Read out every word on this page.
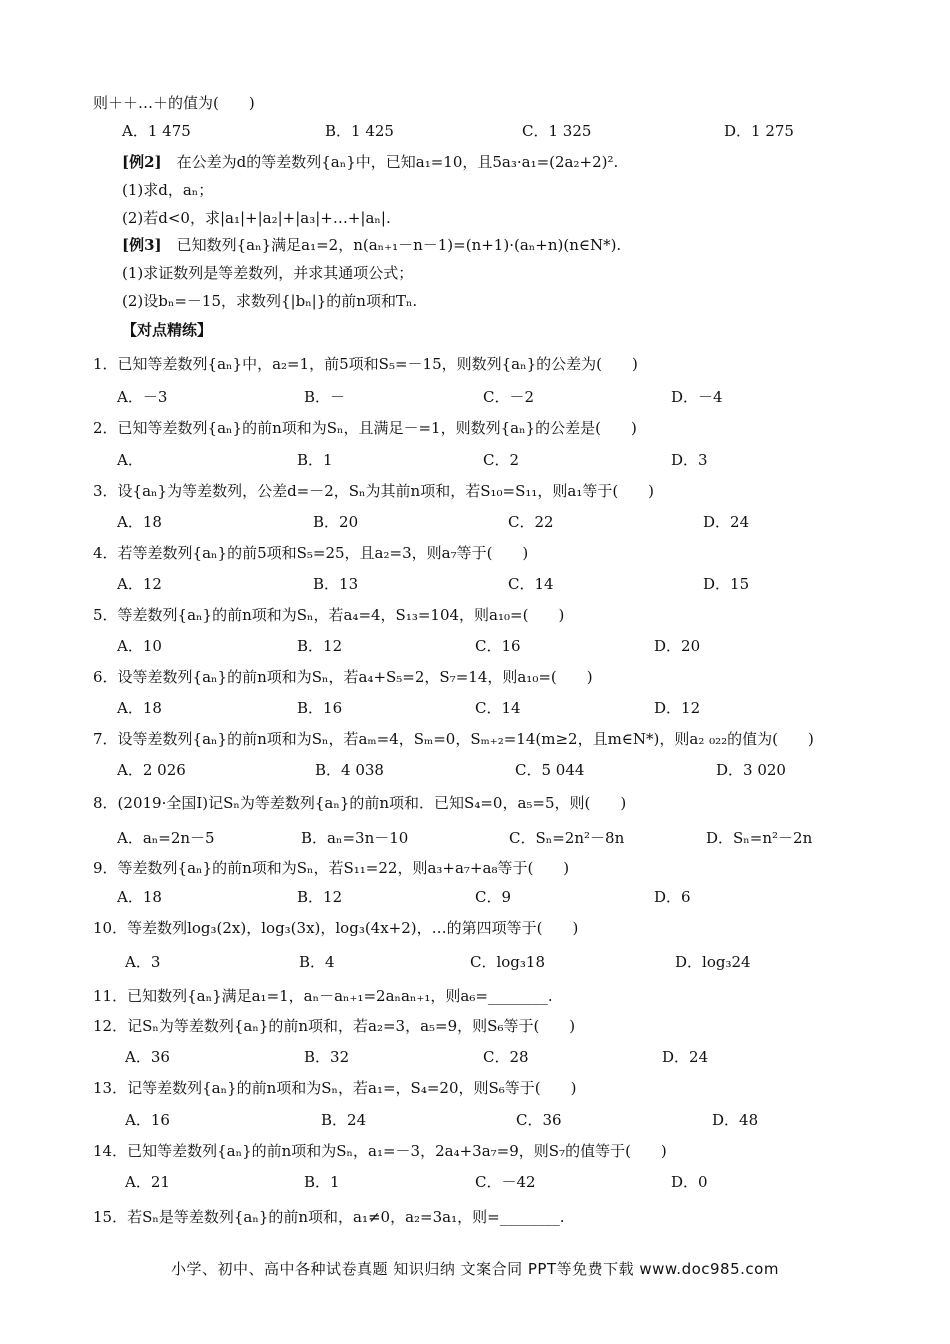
则＋＋…＋的值为(　　)
[例2]　在公差为d的等差数列{aₙ}中，已知a₁=10，且5a₃·a₁=(2a₂+2)².
(1)求d，aₙ；
(2)若d<0，求|a₁|+|a₂|+|a₃|+…+|aₙ|.
[例3]　已知数列{aₙ}满足a₁=2，n(aₙ₊₁－n－1)=(n+1)·(aₙ+n)(n∈N*).
(1)求证数列是等差数列，并求其通项公式；
(2)设bₙ=－15，求数列{|bₙ|}的前n项和Tₙ.
【对点精练】
1．已知等差数列{aₙ}中，a₂=1，前5项和S₅=－15，则数列{aₙ}的公差为(　　)
2．已知等差数列{aₙ}的前n项和为Sₙ，且满足－=1，则数列{aₙ}的公差是(　　)
3．设{aₙ}为等差数列，公差d=－2，Sₙ为其前n项和，若S₁₀=S₁₁，则a₁等于(　　)
4．若等差数列{aₙ}的前5项和S₅=25，且a₂=3，则a₇等于(　　)
5．等差数列{aₙ}的前n项和为Sₙ，若a₄=4，S₁₃=104，则a₁₀=(　　)
6．设等差数列{aₙ}的前n项和为Sₙ，若a₄+S₅=2，S₇=14，则a₁₀=(　　)
7．设等差数列{aₙ}的前n项和为Sₙ，若aₘ=4，Sₘ=0，Sₘ₊₂=14(m≥2，且m∈N*)，则a₂ ₀₂₂的值为(　　)
8．(2019·全国Ⅰ)记Sₙ为等差数列{aₙ}的前n项和．已知S₄=0，a₅=5，则(　　)
9．等差数列{aₙ}的前n项和为Sₙ，若S₁₁=22，则a₃+a₇+a₈等于(　　)
10．等差数列log₃(2x)，log₃(3x)，log₃(4x+2)，…的第四项等于(　　)
11．已知数列{aₙ}满足a₁=1，aₙ－aₙ₊₁=2aₙaₙ₊₁，则a₆=________.
12．记Sₙ为等差数列{aₙ}的前n项和，若a₂=3，a₅=9，则S₆等于(　　)
13．记等差数列{aₙ}的前n项和为Sₙ，若a₁=，S₄=20，则S₆等于(　　)
14．已知等差数列{aₙ}的前n项和为Sₙ，a₁=－3，2a₄+3a₇=9，则S₇的值等于(　　)
15．若Sₙ是等差数列{aₙ}的前n项和，a₁≠0，a₂=3a₁，则=________.
A．1 475	B．1 425	C．1 325	D．1 275
A．－3	B．－	C．－2	D．－4
A．	B．1	C．2	D．3
A．18	B．20	C．22	D．24
A．12	B．13	C．14	D．15
A．10	B．12	C．16	D．20
A．18	B．16	C．14	D．12
A．2 026	B．4 038	C．5 044	D．3 020
A．aₙ=2n－5	B．aₙ=3n－10	C．Sₙ=2n²－8n	D．Sₙ=n²－2n
A．18	B．12	C．9	D．6
A．3	B．4	C．log₃18	D．log₃24
A．36	B．32	C．28	D．24
A．16	B．24	C．36	D．48
A．21	B．1	C．－42	D．0
小学、初中、高中各种试卷真题 知识归纳 文案合同 PPT等免费下载 www.doc985.com
